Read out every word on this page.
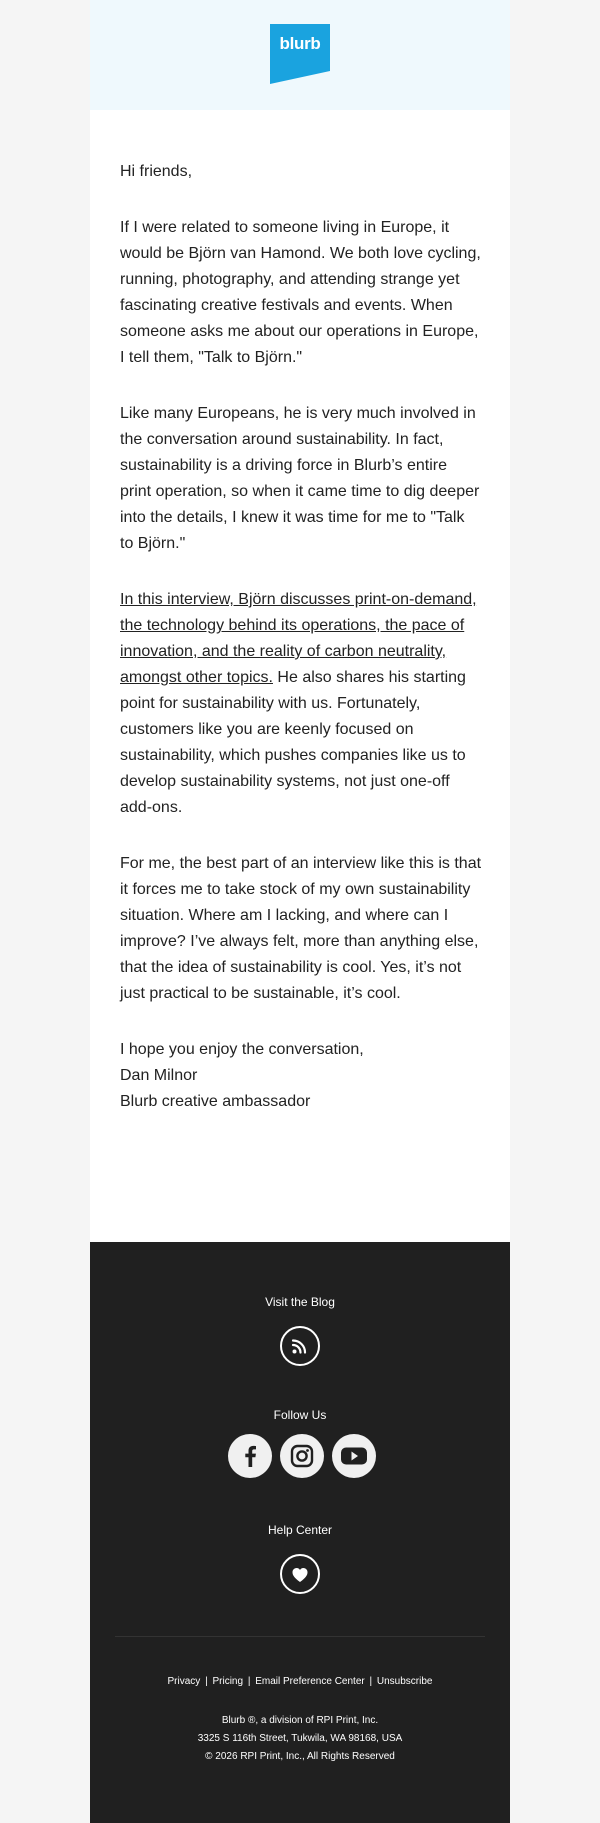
blurb

Hi friends,

If I were related to someone living in Europe, it would be Björn van Hamond. We both love cycling, running, photography, and attending strange yet fascinating creative festivals and events. When someone asks me about our operations in Europe, I tell them, "Talk to Björn."

Like many Europeans, he is very much involved in the conversation around sustainability. In fact, sustainability is a driving force in Blurb’s entire print operation, so when it came time to dig deeper into the details, I knew it was time for me to "Talk to Björn."

In this interview, Björn discusses print-on-demand, the technology behind its operations, the pace of innovation, and the reality of carbon neutrality, amongst other topics. He also shares his starting point for sustainability with us. Fortunately, customers like you are keenly focused on sustainability, which pushes companies like us to develop sustainability systems, not just one-off add-ons.

For me, the best part of an interview like this is that it forces me to take stock of my own sustainability situation. Where am I lacking, and where can I improve? I’ve always felt, more than anything else, that the idea of sustainability is cool. Yes, it’s not just practical to be sustainable, it’s cool.

I hope you enjoy the conversation,
Dan Milnor
Blurb creative ambassador

Visit the Blog
Follow Us
Help Center
Privacy | Pricing | Email Preference Center | Unsubscribe
Blurb ®, a division of RPI Print, Inc.
3325 S 116th Street, Tukwila, WA 98168, USA
© 2026 RPI Print, Inc., All Rights Reserved
